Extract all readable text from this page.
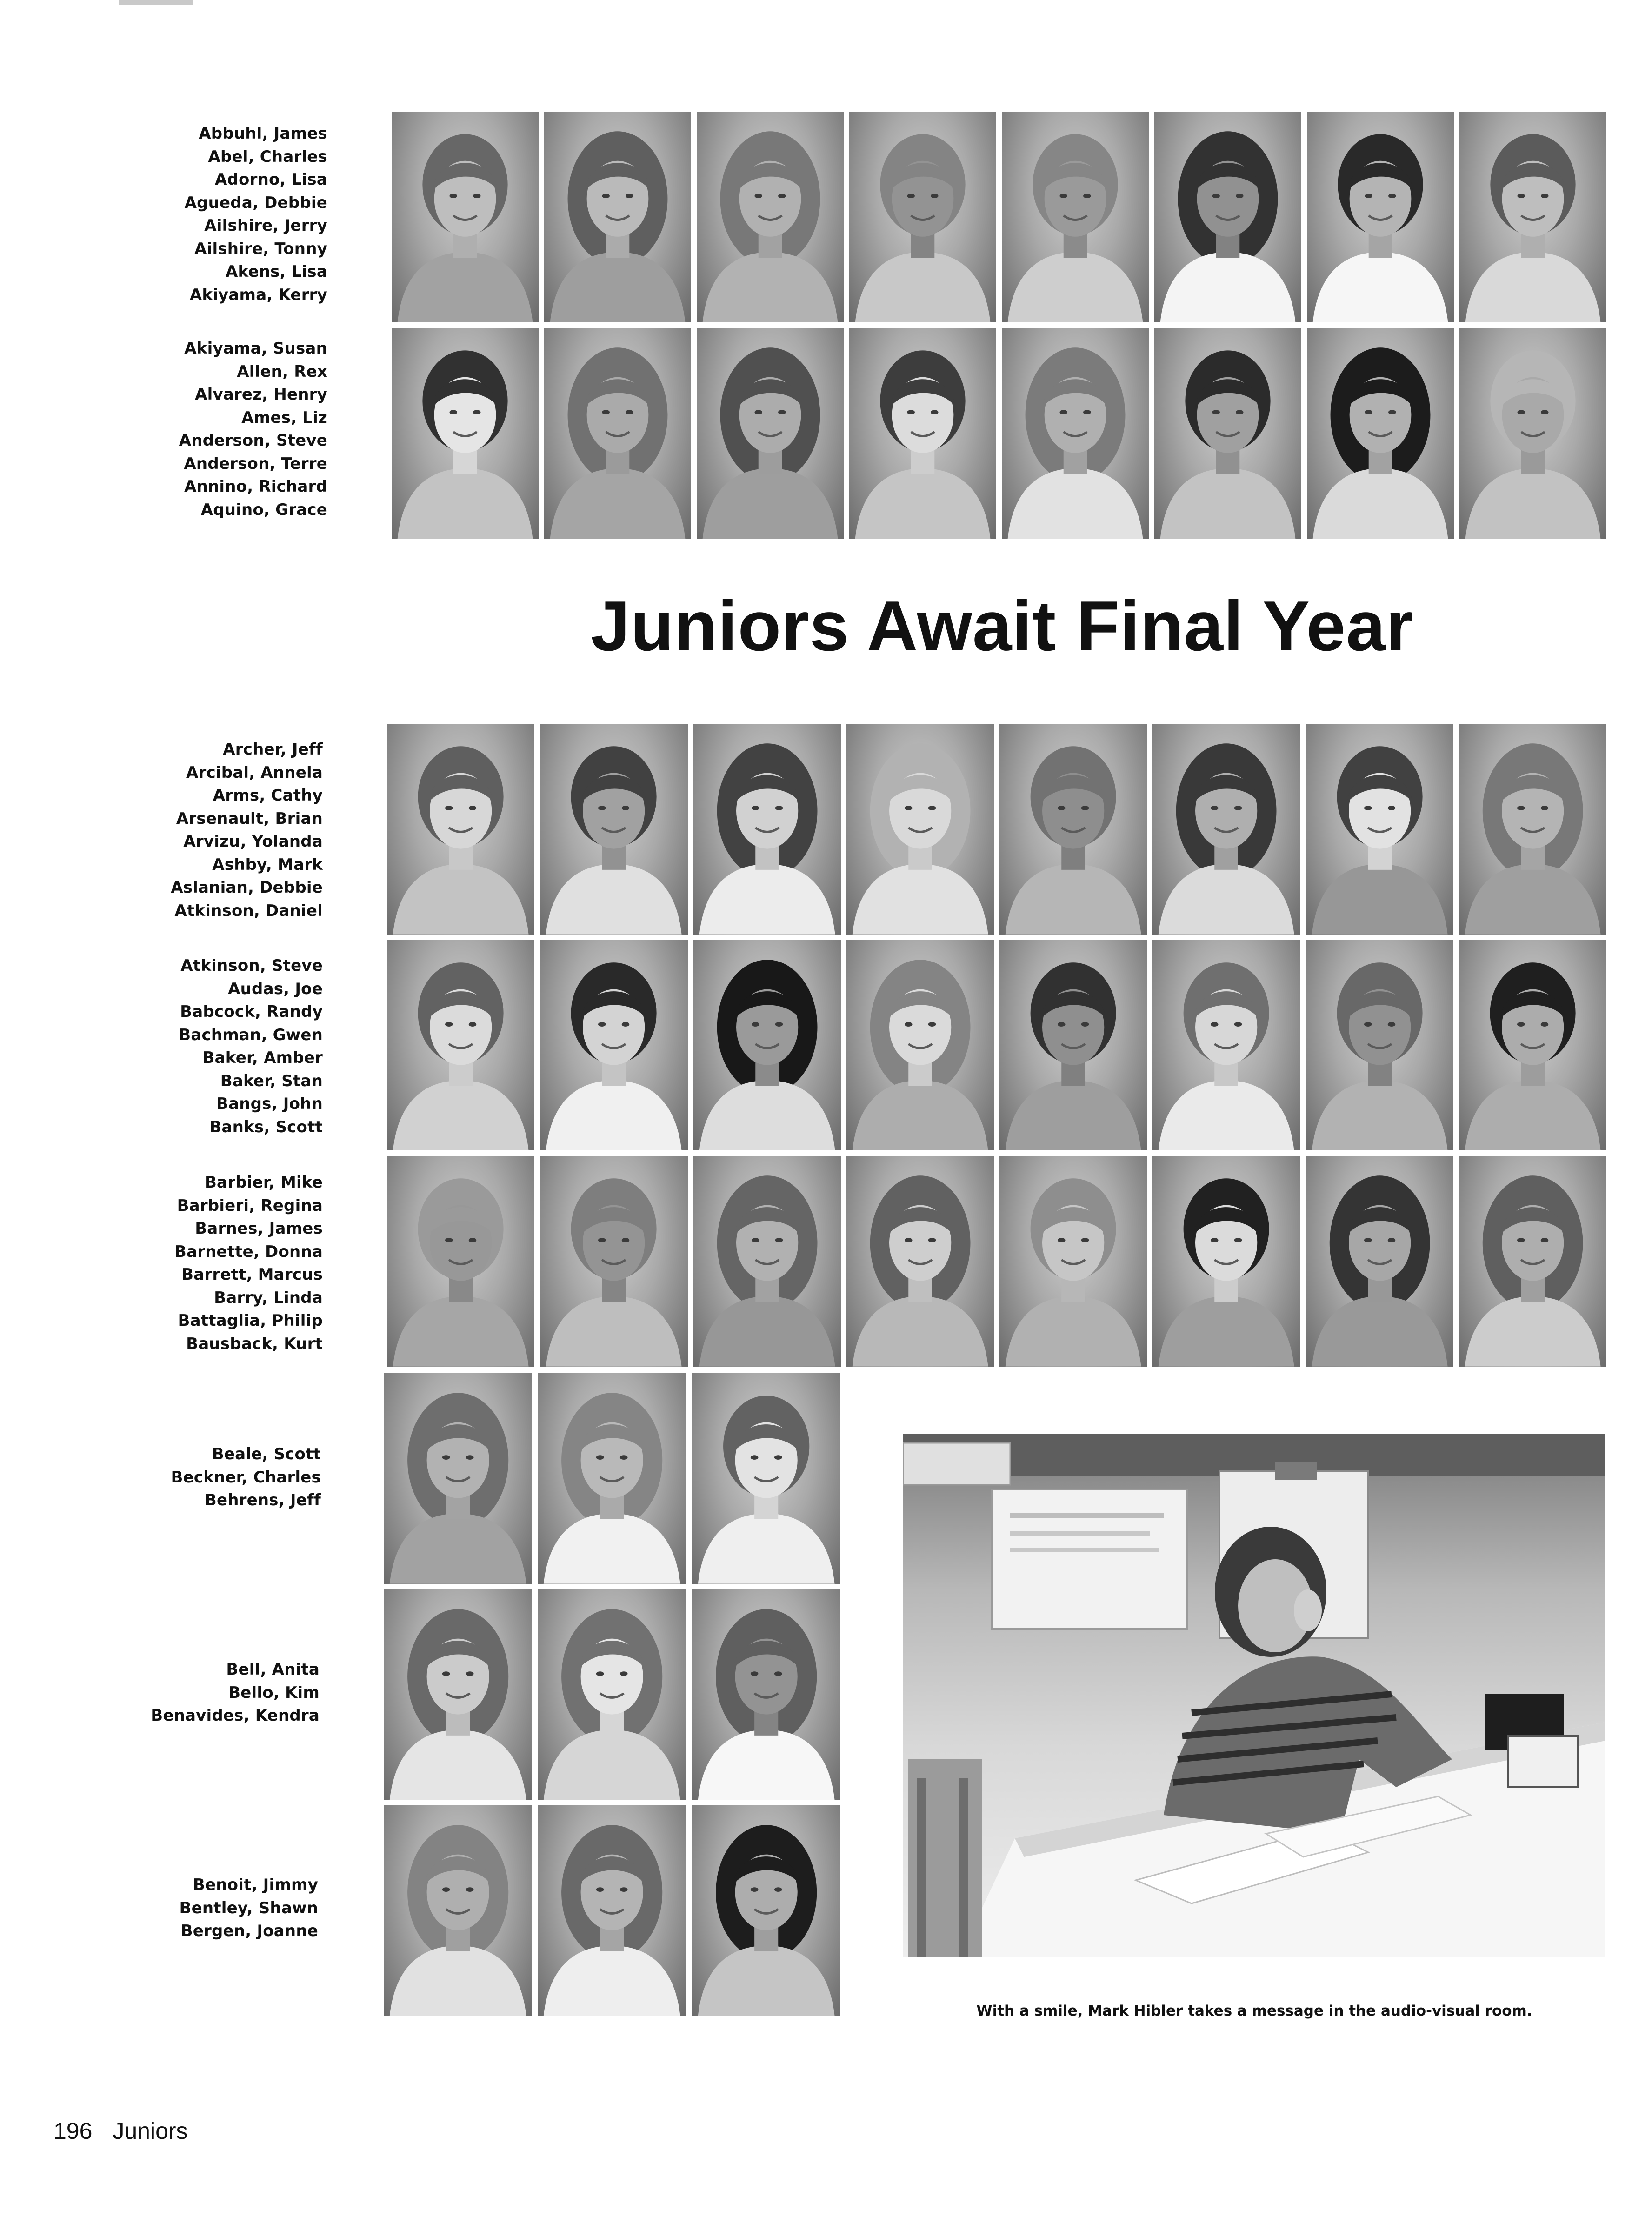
Abbuhl, James
Abel, Charles
Adorno, Lisa
Agueda, Debbie
Ailshire, Jerry
Ailshire, Tonny
Akens, Lisa
Akiyama, Kerry
Akiyama, Susan
Allen, Rex
Alvarez, Henry
Ames, Liz
Anderson, Steve
Anderson, Terre
Annino, Richard
Aquino, Grace
Archer, Jeff
Arcibal, Annela
Arms, Cathy
Arsenault, Brian
Arvizu, Yolanda
Ashby, Mark
Aslanian, Debbie
Atkinson, Daniel
Atkinson, Steve
Audas, Joe
Babcock, Randy
Bachman, Gwen
Baker, Amber
Baker, Stan
Bangs, John
Banks, Scott
Barbier, Mike
Barbieri, Regina
Barnes, James
Barnette, Donna
Barrett, Marcus
Barry, Linda
Battaglia, Philip
Bausback, Kurt
Beale, Scott
Beckner, Charles
Behrens, Jeff
Bell, Anita
Bello, Kim
Benavides, Kendra
Benoit, Jimmy
Bentley, Shawn
Bergen, Joanne
Juniors Await Final Year
With a smile, Mark Hibler takes a message in the audio-visual room.
196 Juniors
